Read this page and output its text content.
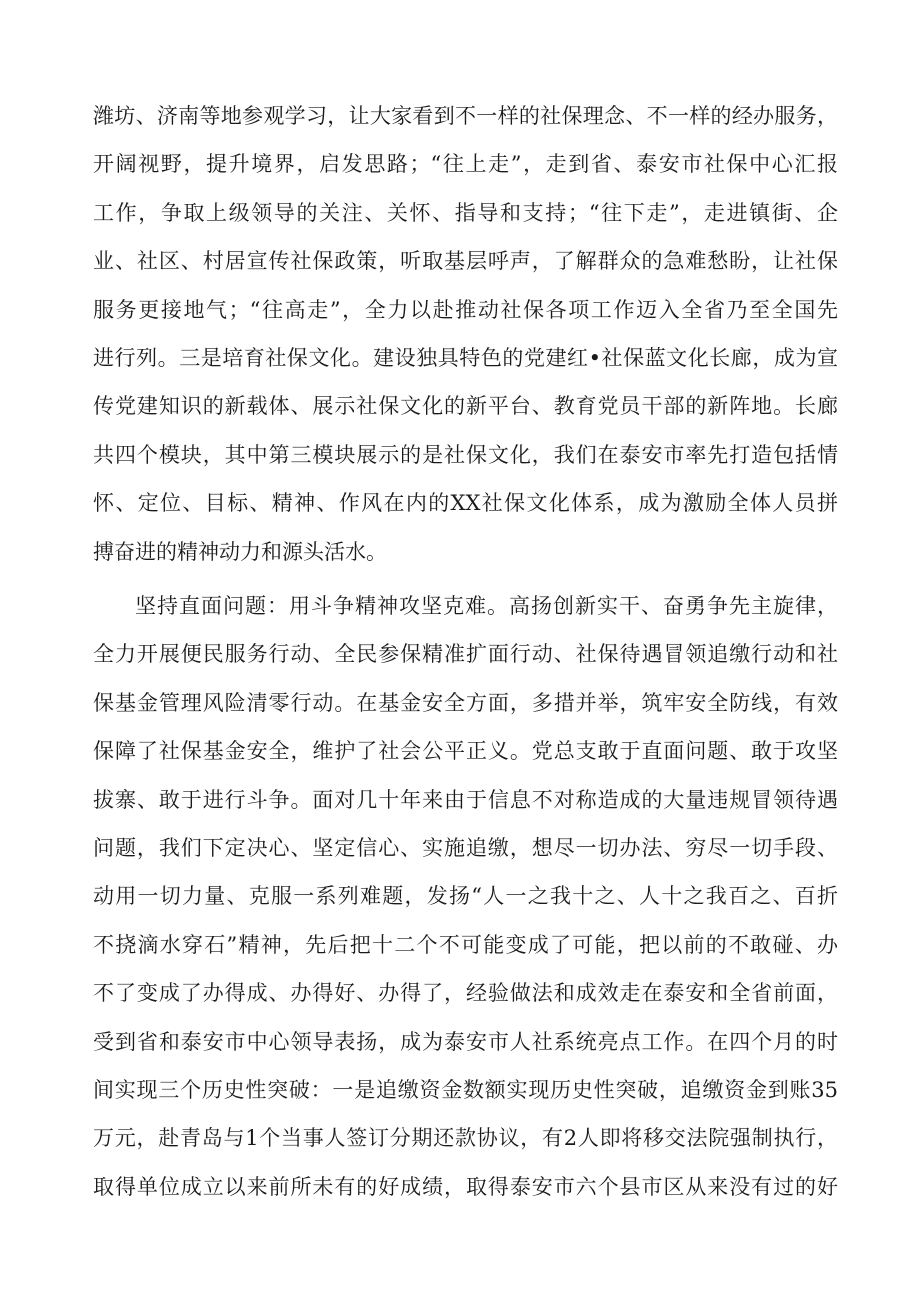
潍坊、济南等地参观学习，让大家看到不一样的社保理念、不一样的经办服务，
开阔视野，提升境界，启发思路；“往上走”，走到省、泰安市社保中心汇报
工作，争取上级领导的关注、关怀、指导和支持；“往下走”，走进镇街、企
业、社区、村居宣传社保政策，听取基层呼声，了解群众的急难愁盼，让社保
服务更接地气；“往高走”，全力以赴推动社保各项工作迈入全省乃至全国先
进行列。三是培育社保文化。建设独具特色的党建红•社保蓝文化长廊，成为宣
传党建知识的新载体、展示社保文化的新平台、教育党员干部的新阵地。长廊
共四个模块，其中第三模块展示的是社保文化，我们在泰安市率先打造包括情
怀、定位、目标、精神、作风在内的XX社保文化体系，成为激励全体人员拼
搏奋进的精神动力和源头活水。
坚持直面问题：用斗争精神攻坚克难。高扬创新实干、奋勇争先主旋律，
全力开展便民服务行动、全民参保精准扩面行动、社保待遇冒领追缴行动和社
保基金管理风险清零行动。在基金安全方面，多措并举，筑牢安全防线，有效
保障了社保基金安全，维护了社会公平正义。党总支敢于直面问题、敢于攻坚
拔寨、敢于进行斗争。面对几十年来由于信息不对称造成的大量违规冒领待遇
问题，我们下定决心、坚定信心、实施追缴，想尽一切办法、穷尽一切手段、
动用一切力量、克服一系列难题，发扬“人一之我十之、人十之我百之、百折
不挠滴水穿石”精神，先后把十二个不可能变成了可能，把以前的不敢碰、办
不了变成了办得成、办得好、办得了，经验做法和成效走在泰安和全省前面，
受到省和泰安市中心领导表扬，成为泰安市人社系统亮点工作。在四个月的时
间实现三个历史性突破：一是追缴资金数额实现历史性突破，追缴资金到账35
万元，赴青岛与1个当事人签订分期还款协议，有2人即将移交法院强制执行，
取得单位成立以来前所未有的好成绩，取得泰安市六个县市区从来没有过的好
